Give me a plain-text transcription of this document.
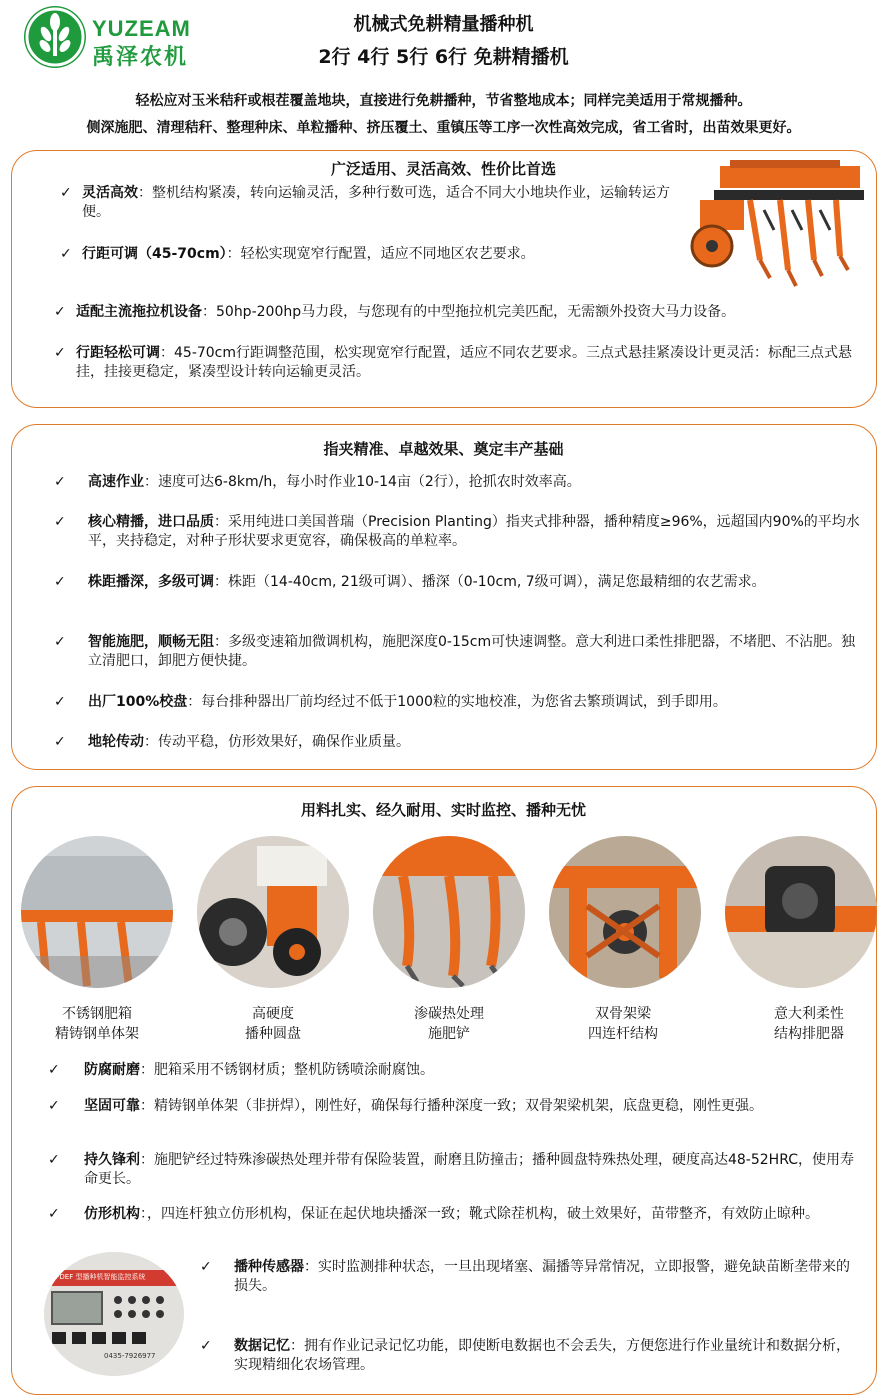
YUZEAM
禹泽农机
机械式免耕精量播种机
2行 4行 5行 6行 免耕精播机
轻松应对玉米秸秆或根茬覆盖地块，直接进行免耕播种，节省整地成本；同样完美适用于常规播种。
侧深施肥、清理秸秆、整理种床、单粒播种、挤压覆土、重镇压等工序一次性高效完成，省工省时，出苗效果更好。
广泛适用、灵活高效、性价比首选
✓ 灵活高效：整机结构紧凑，转向运输灵活，多种行数可选，适合不同大小地块作业，运输转运方便。
✓ 行距可调（45-70cm）：轻松实现宽窄行配置，适应不同地区农艺要求。
✓ 适配主流拖拉机设备：50hp-200hp马力段，与您现有的中型拖拉机完美匹配，无需额外投资大马力设备。
✓ 行距轻松可调：45-70cm行距调整范围，松实现宽窄行配置，适应不同农艺要求。三点式悬挂紧凑设计更灵活：标配三点式悬挂，挂接更稳定，紧凑型设计转向运输更灵活。
指夹精准、卓越效果、奠定丰产基础
✓ 高速作业：速度可达6-8km/h，每小时作业10-14亩（2行），抢抓农时效率高。
✓ 核心精播，进口品质：采用纯进口美国普瑞（Precision Planting）指夹式排种器，播种精度≥96%，远超国内90%的平均水平，夹持稳定，对种子形状要求更宽容，确保极高的单粒率。
✓ 株距播深，多级可调：株距（14-40cm, 21级可调）、播深（0-10cm, 7级可调），满足您最精细的农艺需求。
✓ 智能施肥，顺畅无阻：多级变速箱加微调机构，施肥深度0-15cm可快速调整。意大利进口柔性排肥器，不堵肥、不沾肥。独立清肥口，卸肥方便快捷。
✓ 出厂100%校盘：每台排种器出厂前均经过不低于1000粒的实地校准，为您省去繁琐调试，到手即用。
✓ 地轮传动：传动平稳，仿形效果好，确保作业质量。
用料扎实、经久耐用、实时监控、播种无忧
不锈钢肥箱
精铸钢单体架
高硬度
播种圆盘
渗碳热处理
施肥铲
双骨架梁
四连杆结构
意大利柔性
结构排肥器
✓ 防腐耐磨：肥箱采用不锈钢材质；整机防锈喷涂耐腐蚀。
✓ 坚固可靠：精铸钢单体架（非拼焊），刚性好，确保每行播种深度一致；双骨架梁机架，底盘更稳，刚性更强。
✓ 持久锋利：施肥铲经过特殊渗碳热处理并带有保险装置，耐磨且防撞击；播种圆盘特殊热处理，硬度高达48-52HRC，使用寿命更长。
✓ 仿形机构：，四连杆独立仿形机构，保证在起伏地块播深一致；靴式除茬机构，破土效果好，苗带整齐，有效防止晾种。
✓ 播种传感器：实时监测排种状态，一旦出现堵塞、漏播等异常情况，立即报警，避免缺苗断垄带来的损失。
✓ 数据记忆：拥有作业记录记忆功能，即使断电数据也不会丢失，方便您进行作业量统计和数据分析，实现精细化农场管理。
SX-DEF 型播种机智能监控系统
0435-7926977
